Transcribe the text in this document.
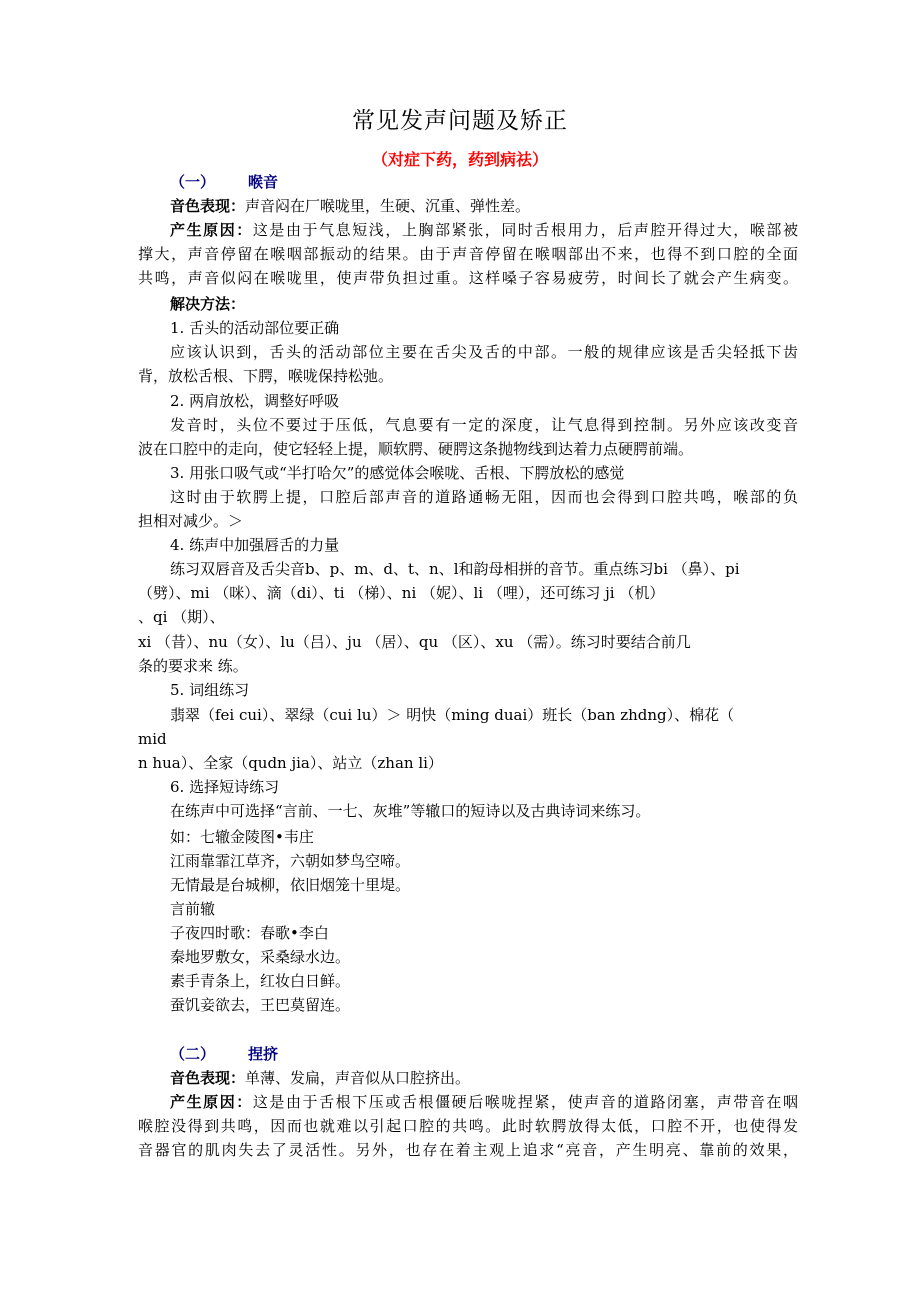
常见发声问题及矫正
（对症下药，药到病祛）
（一） 喉音
音色表现：声音闷在厂喉咙里，生硬、沉重、弹性差。
产生原因：这是由于气息短浅，上胸部紧张，同时舌根用力，后声腔开得过大，喉部被
撑大，声音停留在喉咽部振动的结果。由于声音停留在喉咽部出不来，也得不到口腔的全面
共鸣，声音似闷在喉咙里，使声带负担过重。这样嗓子容易疲劳，时间长了就会产生病变。
解决方法：
1. 舌头的活动部位要正确
应该认识到，舌头的活动部位主要在舌尖及舌的中部。一般的规律应该是舌尖轻抵下齿
背，放松舌根、下腭，喉咙保持松弛。
2. 两肩放松，调整好呼吸
发音时，头位不要过于压低，气息要有一定的深度，让气息得到控制。另外应该改变音
波在口腔中的走向，使它轻轻上提，顺软腭、硬腭这条抛物线到达着力点硬腭前端。
3. 用张口吸气或“半打哈欠”的感觉体会喉咙、舌根、下腭放松的感觉
这时由于软腭上提，口腔后部声音的道路通畅无阻，因而也会得到口腔共鸣，喉部的负
担相对减少。＞
4. 练声中加强唇舌的力量
练习双唇音及舌尖音b、p、m、d、t、n、l和韵母相拼的音节。重点练习bi （鼻）、pi
（劈）、mi （咪）、滴（di）、ti （梯）、ni （妮）、li （哩），还可练习 ji （机）
、qi （期）、
xi （昔）、nu（女）、lu（吕）、ju （居）、qu （区）、xu （需）。练习时要结合前几
条的要求来 练。
5. 词组练习
翡翠（fei cui）、翠绿（cui lu）＞ 明快（ming duai）班长（ban zhdng）、棉花（
mid
n hua）、全家（qudn jia）、站立（zhan li）
6. 选择短诗练习
在练声中可选择“言前、一七、灰堆”等辙口的短诗以及古典诗词来练习。
如：七辙金陵图•韦庄
江雨靠霏江草齐，六朝如梦鸟空啼。
无情最是台城柳，依旧烟笼十里堤。
言前辙
子夜四时歌：春歌•李白
秦地罗敷女，采桑绿水边。
素手青条上，红妆白日鲜。
蚕饥妾欲去，王巴莫留连。
（二） 捏挤
音色表现：单薄、发扁，声音似从口腔挤出。
产生原因：这是由于舌根下压或舌根僵硬后喉咙捏紧，使声音的道路闭塞，声带音在咽
喉腔没得到共鸣，因而也就难以引起口腔的共鸣。此时软腭放得太低，口腔不开，也使得发
音器官的肌肉失去了灵活性。另外，也存在着主观上追求“亮音，产生明亮、靠前的效果，
